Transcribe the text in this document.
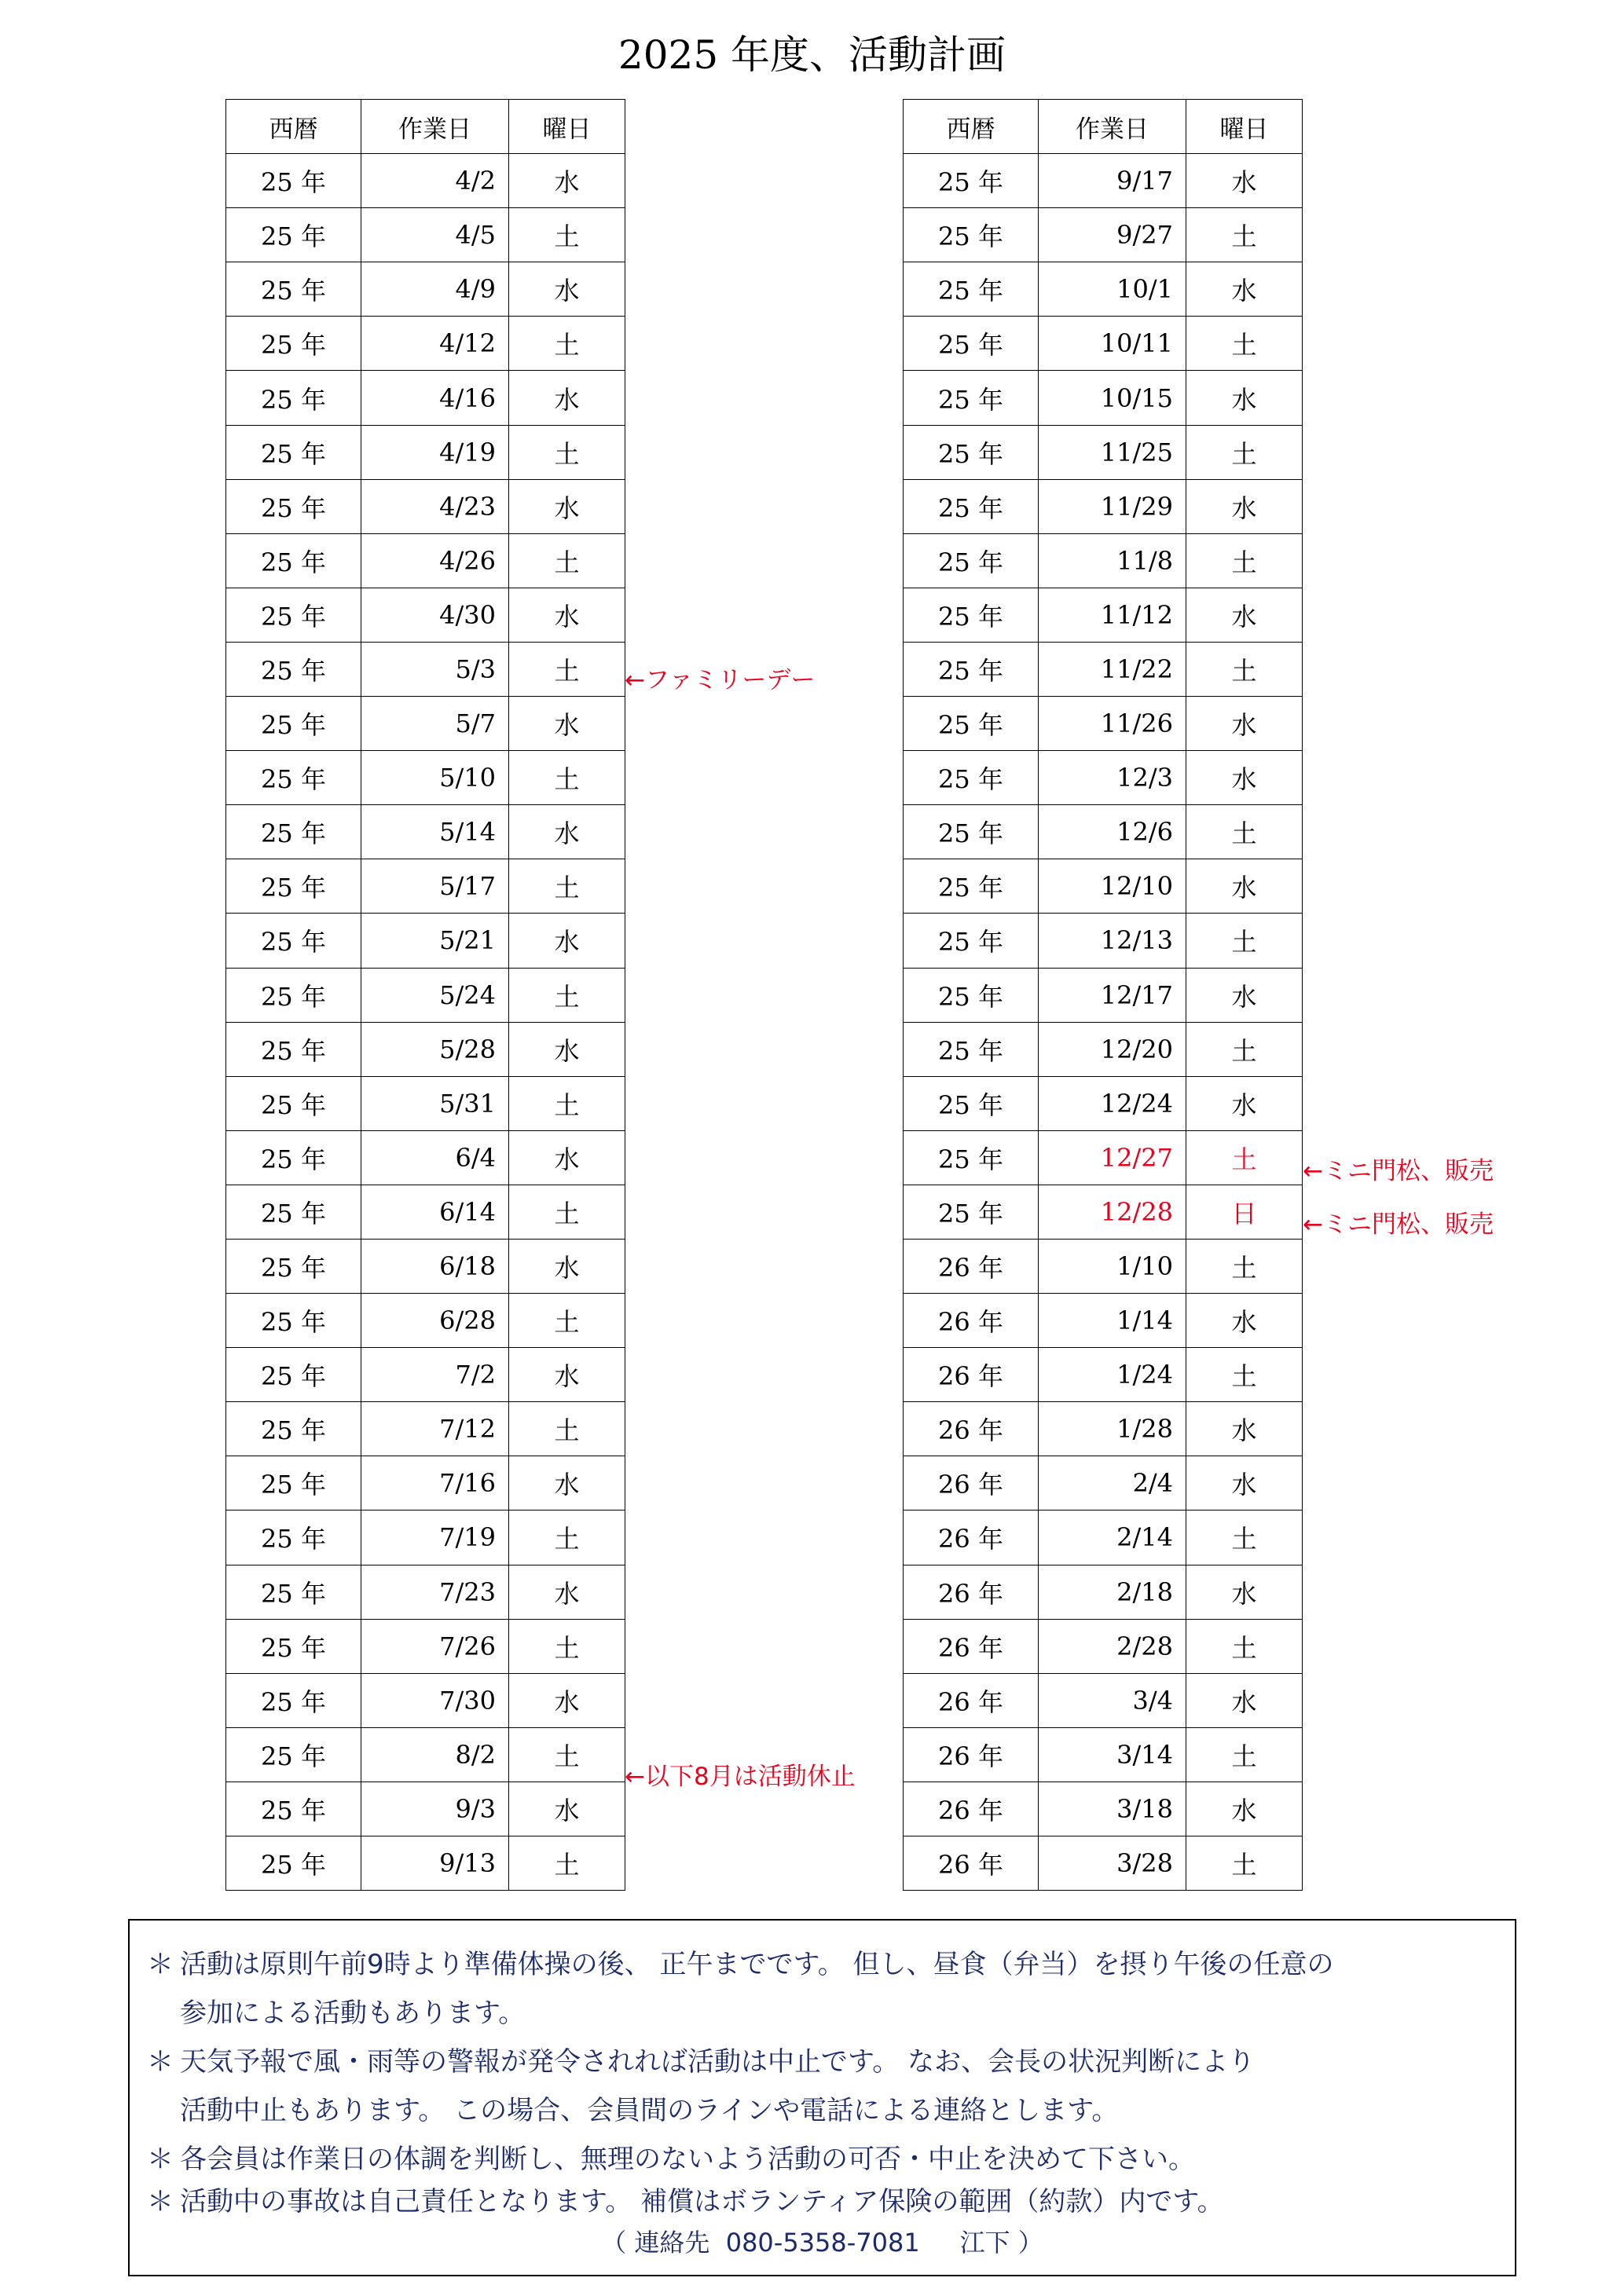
2025 年度、活動計画
西暦	作業日	曜日
25 年	4/2	水
25 年	4/5	土
25 年	4/9	水
25 年	4/12	土
25 年	4/16	水
25 年	4/19	土
25 年	4/23	水
25 年	4/26	土
25 年	4/30	水
25 年	5/3	土
25 年	5/7	水
25 年	5/10	土
25 年	5/14	水
25 年	5/17	土
25 年	5/21	水
25 年	5/24	土
25 年	5/28	水
25 年	5/31	土
25 年	6/4	水
25 年	6/14	土
25 年	6/18	水
25 年	6/28	土
25 年	7/2	水
25 年	7/12	土
25 年	7/16	水
25 年	7/19	土
25 年	7/23	水
25 年	7/26	土
25 年	7/30	水
25 年	8/2	土
25 年	9/3	水
25 年	9/13	土
西暦	作業日	曜日
25 年	9/17	水
25 年	9/27	土
25 年	10/1	水
25 年	10/11	土
25 年	10/15	水
25 年	11/25	土
25 年	11/29	水
25 年	11/8	土
25 年	11/12	水
25 年	11/22	土
25 年	11/26	水
25 年	12/3	水
25 年	12/6	土
25 年	12/10	水
25 年	12/13	土
25 年	12/17	水
25 年	12/20	土
25 年	12/24	水
25 年	12/27	土
25 年	12/28	日
26 年	1/10	土
26 年	1/14	水
26 年	1/24	土
26 年	1/28	水
26 年	2/4	水
26 年	2/14	土
26 年	2/18	水
26 年	2/28	土
26 年	3/4	水
26 年	3/14	土
26 年	3/18	水
26 年	3/28	土
←ファミリーデー
←以下8月は活動休止
←ミニ門松、販売
←ミニ門松、販売
＊ 活動は原則午前9時より準備体操の後、 正午までです。 但し、昼食（弁当）を摂り午後の任意の
参加による活動もあります。
＊ 天気予報で風・雨等の警報が発令されれば活動は中止です。 なお、会長の状況判断により
活動中止もあります。 この場合、会員間のラインや電話による連絡とします。
＊ 各会員は作業日の体調を判断し、無理のないよう活動の可否・中止を決めて下さい。
＊ 活動中の事故は自己責任となります。 補償はボランティア保険の範囲（約款）内です。
（ 連絡先  080-5358-7081     江下 ）
